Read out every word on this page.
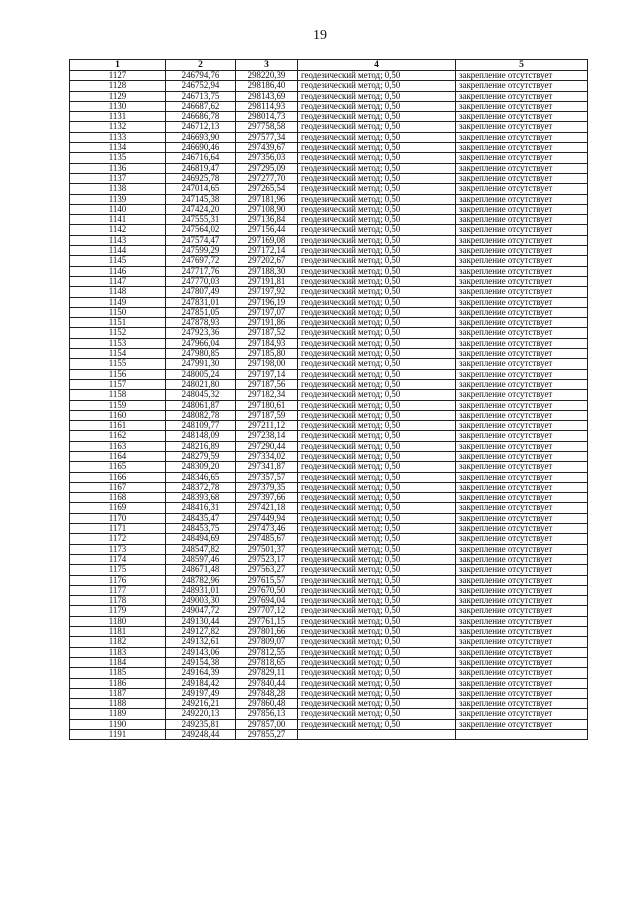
19
1	2	3	4	5
1127	246794,76	298220,39	геодезический метод; 0,50	закрепление отсутствует
1128	246752,94	298186,40	геодезический метод; 0,50	закрепление отсутствует
1129	246713,75	298143,69	геодезический метод; 0,50	закрепление отсутствует
1130	246687,62	298114,93	геодезический метод; 0,50	закрепление отсутствует
1131	246686,78	298014,73	геодезический метод; 0,50	закрепление отсутствует
1132	246712,13	297758,58	геодезический метод; 0,50	закрепление отсутствует
1133	246693,90	297577,34	геодезический метод; 0,50	закрепление отсутствует
1134	246690,46	297439,67	геодезический метод; 0,50	закрепление отсутствует
1135	246716,64	297356,03	геодезический метод; 0,50	закрепление отсутствует
1136	246819,47	297295,09	геодезический метод; 0,50	закрепление отсутствует
1137	246925,78	297277,70	геодезический метод; 0,50	закрепление отсутствует
1138	247014,65	297265,54	геодезический метод; 0,50	закрепление отсутствует
1139	247145,38	297181,96	геодезический метод; 0,50	закрепление отсутствует
1140	247424,20	297108,90	геодезический метод; 0,50	закрепление отсутствует
1141	247555,31	297136,84	геодезический метод; 0,50	закрепление отсутствует
1142	247564,02	297156,44	геодезический метод; 0,50	закрепление отсутствует
1143	247574,47	297169,08	геодезический метод; 0,50	закрепление отсутствует
1144	247599,29	297172,14	геодезический метод; 0,50	закрепление отсутствует
1145	247697,72	297202,67	геодезический метод; 0,50	закрепление отсутствует
1146	247717,76	297188,30	геодезический метод; 0,50	закрепление отсутствует
1147	247770,03	297191,81	геодезический метод; 0,50	закрепление отсутствует
1148	247807,49	297197,92	геодезический метод; 0,50	закрепление отсутствует
1149	247831,01	297196,19	геодезический метод; 0,50	закрепление отсутствует
1150	247851,05	297197,07	геодезический метод; 0,50	закрепление отсутствует
1151	247878,93	297191,86	геодезический метод; 0,50	закрепление отсутствует
1152	247923,36	297187,52	геодезический метод; 0,50	закрепление отсутствует
1153	247966,04	297184,93	геодезический метод; 0,50	закрепление отсутствует
1154	247980,85	297185,80	геодезический метод; 0,50	закрепление отсутствует
1155	247991,30	297198,00	геодезический метод; 0,50	закрепление отсутствует
1156	248005,24	297197,14	геодезический метод; 0,50	закрепление отсутствует
1157	248021,80	297187,56	геодезический метод; 0,50	закрепление отсутствует
1158	248045,32	297182,34	геодезический метод; 0,50	закрепление отсутствует
1159	248061,87	297180,61	геодезический метод; 0,50	закрепление отсутствует
1160	248082,78	297187,59	геодезический метод; 0,50	закрепление отсутствует
1161	248109,77	297211,12	геодезический метод; 0,50	закрепление отсутствует
1162	248148,09	297238,14	геодезический метод; 0,50	закрепление отсутствует
1163	248216,89	297290,44	геодезический метод; 0,50	закрепление отсутствует
1164	248279,59	297334,02	геодезический метод; 0,50	закрепление отсутствует
1165	248309,20	297341,87	геодезический метод; 0,50	закрепление отсутствует
1166	248346,65	297357,57	геодезический метод; 0,50	закрепление отсутствует
1167	248372,78	297379,35	геодезический метод; 0,50	закрепление отсутствует
1168	248393,68	297397,66	геодезический метод; 0,50	закрепление отсутствует
1169	248416,31	297421,18	геодезический метод; 0,50	закрепление отсутствует
1170	248435,47	297449,94	геодезический метод; 0,50	закрепление отсутствует
1171	248453,75	297473,46	геодезический метод; 0,50	закрепление отсутствует
1172	248494,69	297485,67	геодезический метод; 0,50	закрепление отсутствует
1173	248547,82	297501,37	геодезический метод; 0,50	закрепление отсутствует
1174	248597,46	297523,17	геодезический метод; 0,50	закрепление отсутствует
1175	248671,48	297563,27	геодезический метод; 0,50	закрепление отсутствует
1176	248782,96	297615,57	геодезический метод; 0,50	закрепление отсутствует
1177	248931,01	297670,50	геодезический метод; 0,50	закрепление отсутствует
1178	249003,30	297694,04	геодезический метод; 0,50	закрепление отсутствует
1179	249047,72	297707,12	геодезический метод; 0,50	закрепление отсутствует
1180	249130,44	297761,15	геодезический метод; 0,50	закрепление отсутствует
1181	249127,82	297801,66	геодезический метод; 0,50	закрепление отсутствует
1182	249132,61	297809,07	геодезический метод; 0,50	закрепление отсутствует
1183	249143,06	297812,55	геодезический метод; 0,50	закрепление отсутствует
1184	249154,38	297818,65	геодезический метод; 0,50	закрепление отсутствует
1185	249164,39	297829,11	геодезический метод; 0,50	закрепление отсутствует
1186	249184,42	297840,44	геодезический метод; 0,50	закрепление отсутствует
1187	249197,49	297848,28	геодезический метод; 0,50	закрепление отсутствует
1188	249216,21	297860,48	геодезический метод; 0,50	закрепление отсутствует
1189	249220,13	297856,13	геодезический метод; 0,50	закрепление отсутствует
1190	249235,81	297857,00	геодезический метод; 0,50	закрепление отсутствует
1191	249248,44	297855,27		
